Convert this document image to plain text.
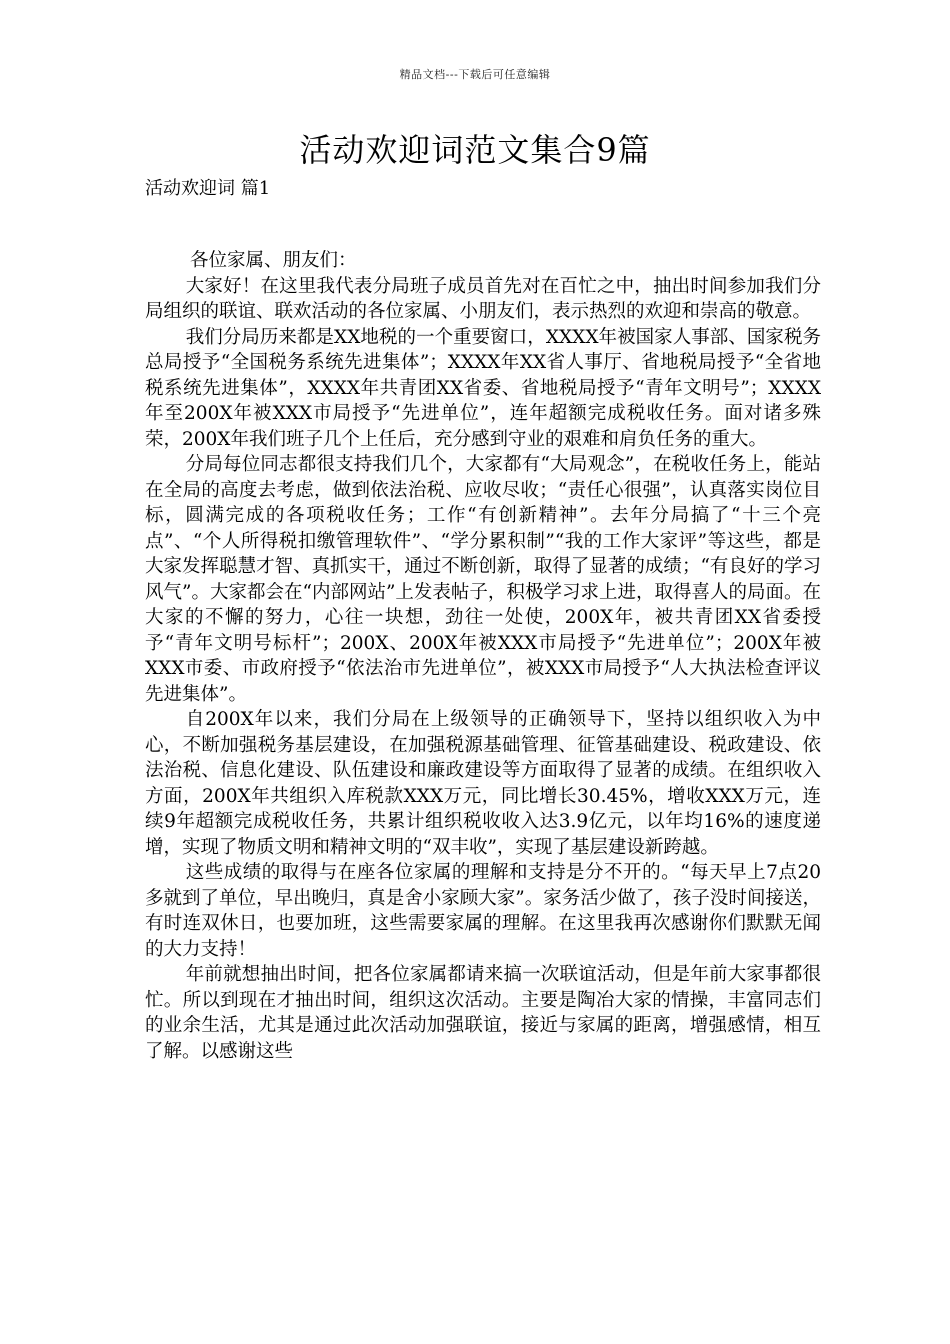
精品文档---下载后可任意编辑
活动欢迎词范文集合9篇
活动欢迎词 篇1

各位家属、朋友们：

大家好！在这里我代表分局班子成员首先对在百忙之中，抽出时间参加我们分局组织的联谊、联欢活动的各位家属、小朋友们，表示热烈的欢迎和崇高的敬意。

我们分局历来都是XX地税的一个重要窗口，XXXX年被国家人事部、国家税务总局授予“全国税务系统先进集体”；XXXX年XX省人事厅、省地税局授予“全省地税系统先进集体”，XXXX年共青团XX省委、省地税局授予“青年文明号”；XXXX年至200X年被XXX市局授予“先进单位”，连年超额完成税收任务。面对诸多殊荣，200X年我们班子几个上任后，充分感到守业的艰难和肩负任务的重大。

分局每位同志都很支持我们几个，大家都有“大局观念”，在税收任务上，能站在全局的高度去考虑，做到依法治税、应收尽收；“责任心很强”，认真落实岗位目标，圆满完成的各项税收任务；工作“有创新精神”。去年分局搞了“十三个亮点”、“个人所得税扣缴管理软件”、“学分累积制”“我的工作大家评”等这些，都是大家发挥聪慧才智、真抓实干，通过不断创新，取得了显著的成绩；“有良好的学习风气”。大家都会在“内部网站”上发表帖子，积极学习求上进，取得喜人的局面。在大家的不懈的努力，心往一块想，劲往一处使，200X年，被共青团XX省委授予“青年文明号标杆”；200X、200X年被XXX市局授予“先进单位”；200X年被XXX市委、市政府授予“依法治市先进单位”，被XXX市局授予“人大执法检查评议先进集体”。

自200X年以来，我们分局在上级领导的正确领导下，坚持以组织收入为中心，不断加强税务基层建设，在加强税源基础管理、征管基础建设、税政建设、依法治税、信息化建设、队伍建设和廉政建设等方面取得了显著的成绩。在组织收入方面，200X年共组织入库税款XXX万元，同比增长30.45%，增收XXX万元，连续9年超额完成税收任务，共累计组织税收收入达3.9亿元，以年均16%的速度递增，实现了物质文明和精神文明的“双丰收”，实现了基层建设新跨越。

这些成绩的取得与在座各位家属的理解和支持是分不开的。“每天早上7点20多就到了单位，早出晚归，真是舍小家顾大家”。家务活少做了，孩子没时间接送，有时连双休日，也要加班，这些需要家属的理解。在这里我再次感谢你们默默无闻的大力支持！

年前就想抽出时间，把各位家属都请来搞一次联谊活动，但是年前大家事都很忙。所以到现在才抽出时间，组织这次活动。主要是陶冶大家的情操，丰富同志们的业余生活，尤其是通过此次活动加强联谊，接近与家属的距离，增强感情，相互了解。以感谢这些
